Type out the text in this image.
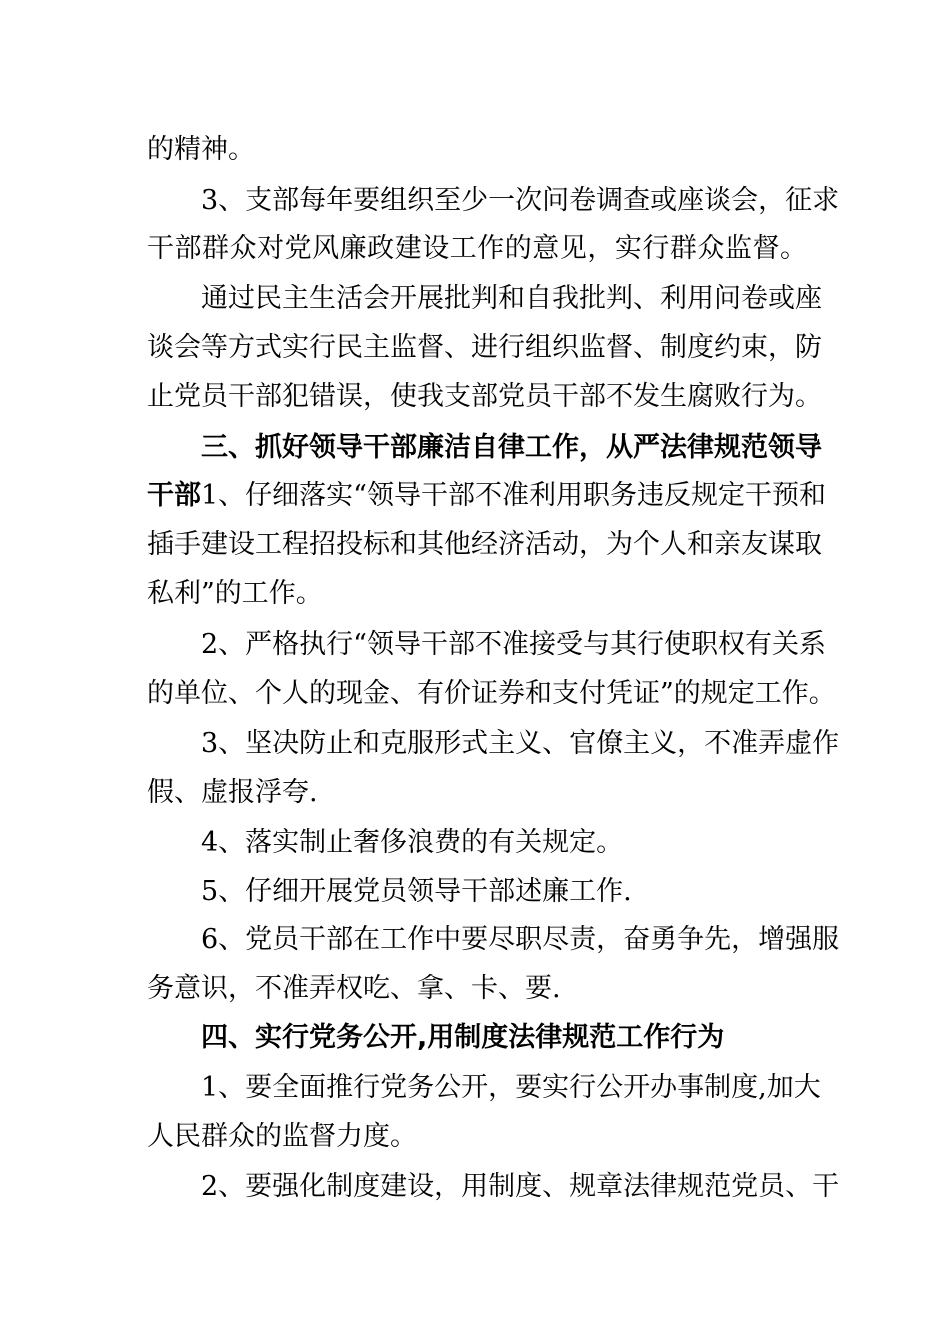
的精神。
3、支部每年要组织至少一次问卷调查或座谈会，征求
干部群众对党风廉政建设工作的意见，实行群众监督。
通过民主生活会开展批判和自我批判、利用问卷或座
谈会等方式实行民主监督、进行组织监督、制度约束，防
止党员干部犯错误，使我支部党员干部不发生腐败行为。
三、抓好领导干部廉洁自律工作，从严法律规范领导
干部1、仔细落实“领导干部不准利用职务违反规定干预和
插手建设工程招投标和其他经济活动，为个人和亲友谋取
私利”的工作。
2、严格执行“领导干部不准接受与其行使职权有关系
的单位、个人的现金、有价证券和支付凭证”的规定工作。
3、坚决防止和克服形式主义、官僚主义，不准弄虚作
假、虚报浮夸.
4、落实制止奢侈浪费的有关规定。
5、仔细开展党员领导干部述廉工作.
6、党员干部在工作中要尽职尽责，奋勇争先，增强服
务意识，不准弄权吃、拿、卡、要.
四、实行党务公开,用制度法律规范工作行为
1、要全面推行党务公开，要实行公开办事制度,加大
人民群众的监督力度。
2、要强化制度建设，用制度、规章法律规范党员、干
